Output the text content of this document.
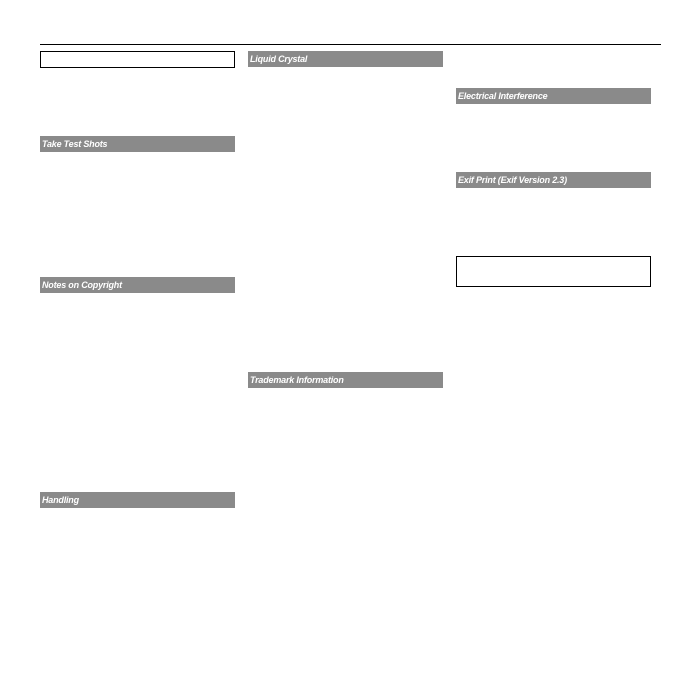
Take Test Shots
Notes on Copyright
Handling
Liquid Crystal
Trademark Information
Electrical Interference
Exif Print (Exif Version 2.3)
